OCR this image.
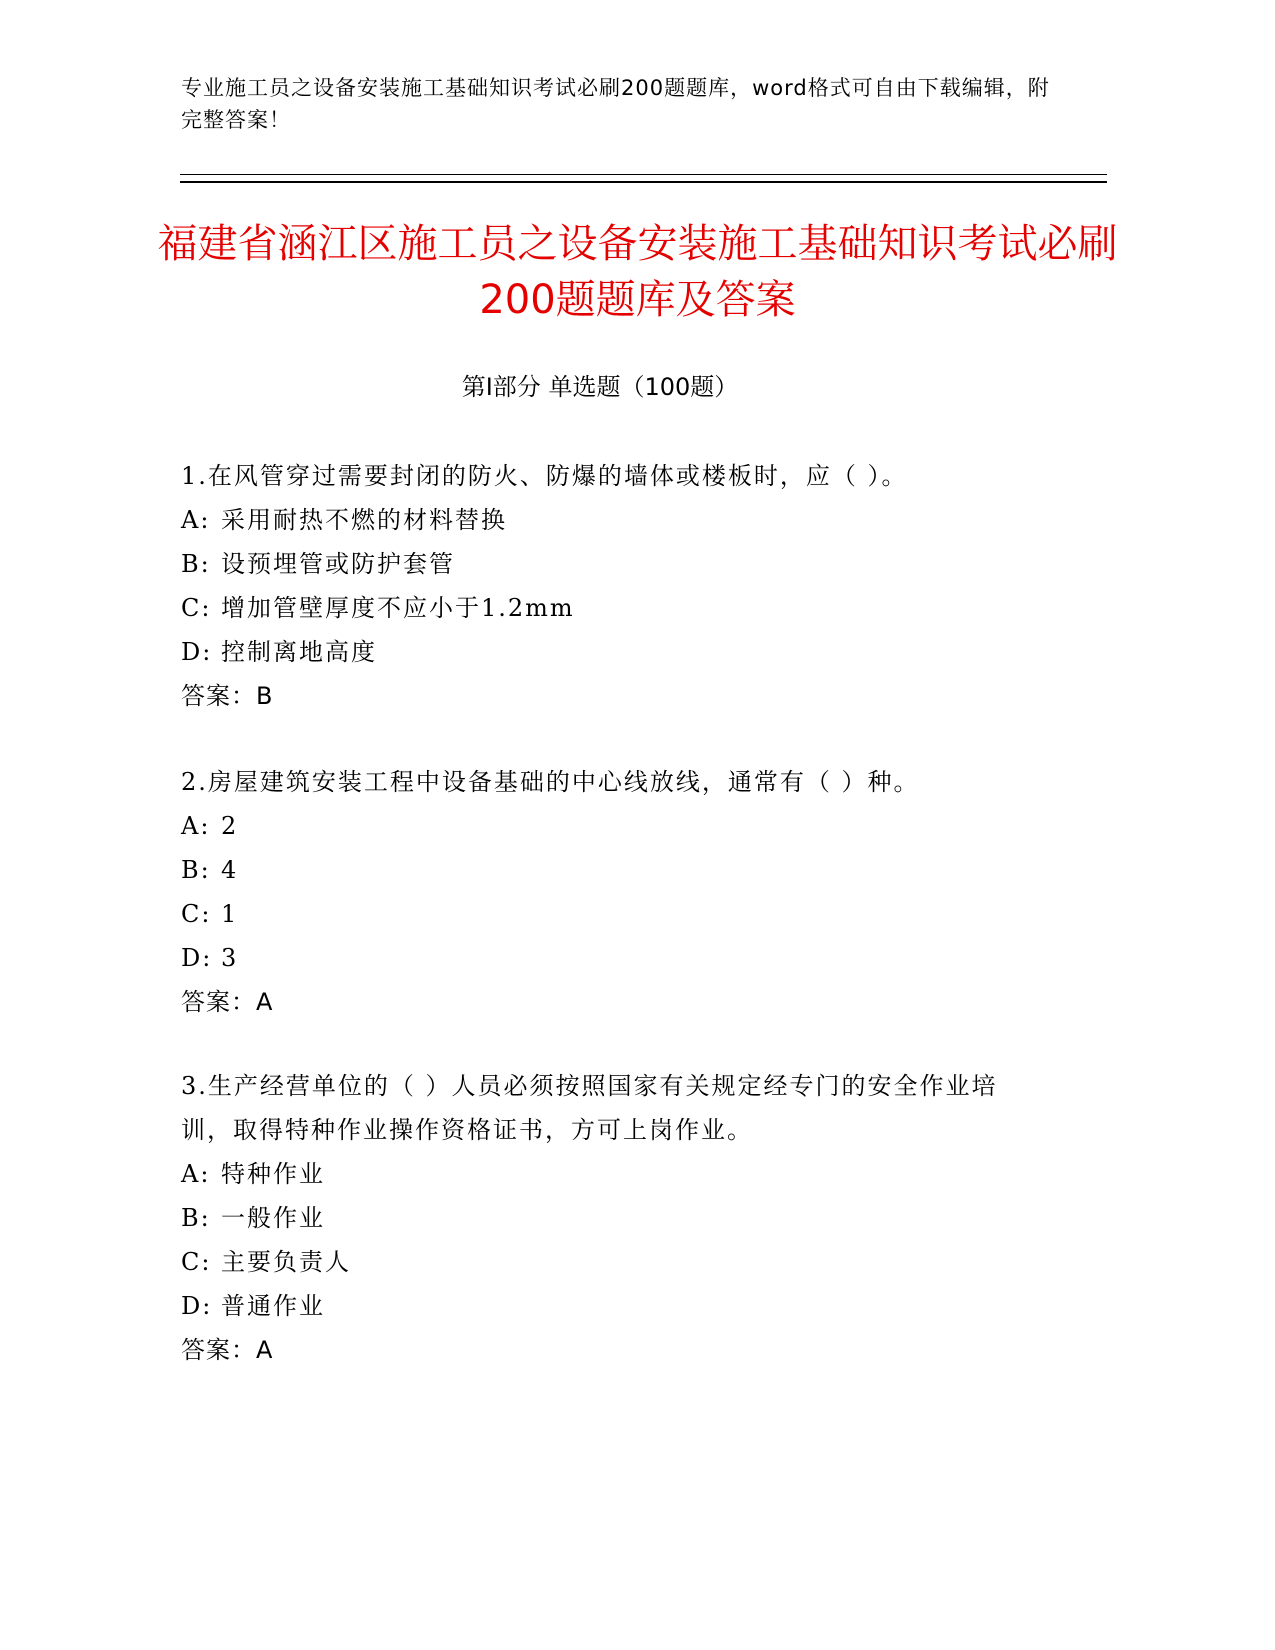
专业施工员之设备安装施工基础知识考试必刷200题题库，word格式可自由下载编辑，附完整答案！
福建省涵江区施工员之设备安装施工基础知识考试必刷200题题库及答案
第Ⅰ部分 单选题（100题）
1.在风管穿过需要封闭的防火、防爆的墙体或楼板时，应（ ）。
A: 采用耐热不燃的材料替换
B: 设预埋管或防护套管
C: 增加管壁厚度不应小于1.2mm
D: 控制离地高度
答案：B
2.房屋建筑安装工程中设备基础的中心线放线，通常有（ ）种。
A: 2
B: 4
C: 1
D: 3
答案：A
3.生产经营单位的（ ）人员必须按照国家有关规定经专门的安全作业培训，取得特种作业操作资格证书，方可上岗作业。
A: 特种作业
B: 一般作业
C: 主要负责人
D: 普通作业
答案：A
